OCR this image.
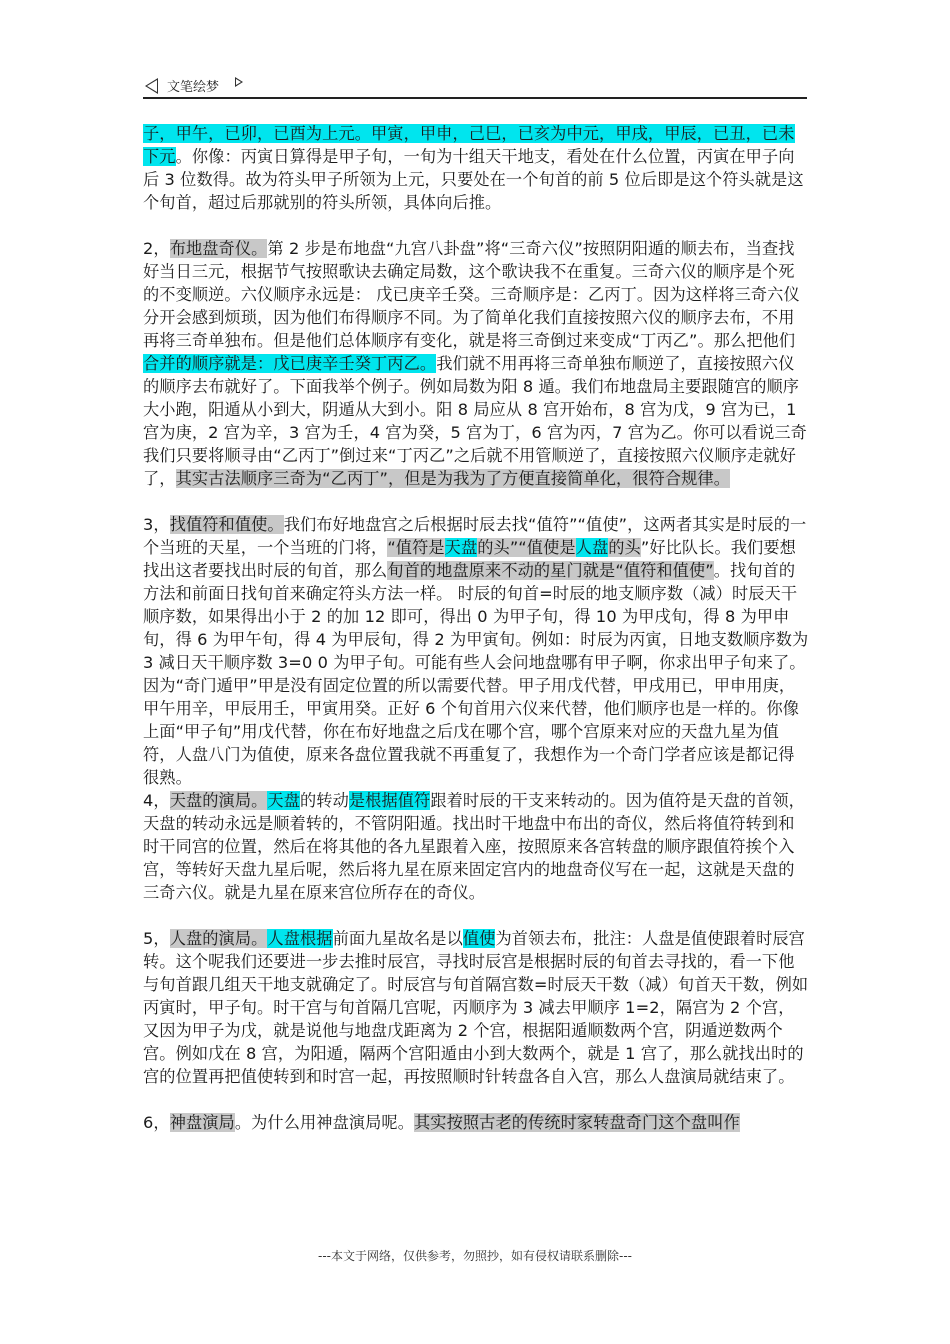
文笔绘梦

子，甲午，已卯，已酉为上元。甲寅，甲申，己巳，已亥为中元，甲戌，甲辰，已丑，已未下元。你像：丙寅日算得是甲子旬，一旬为十组天干地支，看处在什么位置，丙寅在甲子向后 3 位数得。故为符头甲子所领为上元，只要处在一个旬首的前 5 位后即是这个符头就是这个旬首，超过后那就别的符头所领，具体向后推。

2，布地盘奇仪。第 2 步是布地盘“九宫八卦盘”将“三奇六仪”按照阴阳遁的顺去布，当查找好当日三元，根据节气按照歌诀去确定局数，这个歌诀我不在重复。三奇六仪的顺序是个死的不变顺逆。六仪顺序永远是： 戊已庚辛壬癸。三奇顺序是：乙丙丁。因为这样将三奇六仪分开会感到烦琐，因为他们布得顺序不同。为了简单化我们直接按照六仪的顺序去布，不用再将三奇单独布。但是他们总体顺序有变化，就是将三奇倒过来变成“丁丙乙”。那么把他们合并的顺序就是：戊已庚辛壬癸丁丙乙。我们就不用再将三奇单独布顺逆了，直接按照六仪的顺序去布就好了。下面我举个例子。例如局数为阳 8 遁。我们布地盘局主要跟随宫的顺序大小跑，阳遁从小到大，阴遁从大到小。阳 8 局应从 8 宫开始布，8 宫为戊，9 宫为已，1 宫为庚，2 宫为辛，3 宫为壬，4 宫为癸，5 宫为丁，6 宫为丙，7 宫为乙。你可以看说三奇我们只要将顺寻由“乙丙丁”倒过来“丁丙乙”之后就不用管顺逆了，直接按照六仪顺序走就好了，其实古法顺序三奇为“乙丙丁”，但是为我为了方便直接简单化，很符合规律。

3，找值符和值使。我们布好地盘宫之后根据时辰去找“值符”“值使”，这两者其实是时辰的一个当班的天星，一个当班的门将，“值符是天盘的头”“值使是人盘的头”好比队长。我们要想找出这者要找出时辰的旬首，那么旬首的地盘原来不动的星门就是“值符和值使”。找旬首的方法和前面日找旬首来确定符头方法一样。 时辰的旬首=时辰的地支顺序数（减）时辰天干顺序数，如果得出小于 2 的加 12 即可，得出 0 为甲子旬，得 10 为甲戌旬，得 8 为甲申旬，得 6 为甲午旬，得 4 为甲辰旬，得 2 为甲寅旬。例如：时辰为丙寅，日地支数顺序数为 3 减日天干顺序数 3=0 0 为甲子旬。可能有些人会问地盘哪有甲子啊，你求出甲子旬来了。因为“奇门遁甲”甲是没有固定位置的所以需要代替。甲子用戊代替，甲戌用已，甲申用庚，甲午用辛，甲辰用壬，甲寅用癸。正好 6 个旬首用六仪来代替，他们顺序也是一样的。你像上面“甲子旬”用戊代替，你在布好地盘之后戊在哪个宫，哪个宫原来对应的天盘九星为值符，人盘八门为值使，原来各盘位置我就不再重复了，我想作为一个奇门学者应该是都记得很熟。

4，天盘的演局。天盘的转动是根据值符跟着时辰的干支来转动的。因为值符是天盘的首领，天盘的转动永远是顺着转的，不管阴阳遁。找出时干地盘中布出的奇仪，然后将值符转到和时干同宫的位置，然后在将其他的各九星跟着入座，按照原来各宫转盘的顺序跟值符挨个入宫，等转好天盘九星后呢，然后将九星在原来固定宫内的地盘奇仪写在一起，这就是天盘的三奇六仪。就是九星在原来宫位所存在的奇仪。

5，人盘的演局。人盘根据前面九星故名是以值使为首领去布，批注：人盘是值使跟着时辰宫转。这个呢我们还要进一步去推时辰宫，寻找时辰宫是根据时辰的旬首去寻找的，看一下他与旬首跟几组天干地支就确定了。时辰宫与旬首隔宫数=时辰天干数（减）旬首天干数，例如丙寅时，甲子旬。时干宫与旬首隔几宫呢，丙顺序为 3 减去甲顺序 1=2，隔宫为 2 个宫，又因为甲子为戊，就是说他与地盘戊距离为 2 个宫，根据阳遁顺数两个宫，阴遁逆数两个宫。例如戊在 8 宫，为阳遁，隔两个宫阳遁由小到大数两个，就是 1 宫了，那么就找出时的宫的位置再把值使转到和时宫一起，再按照顺时针转盘各自入宫，那么人盘演局就结束了。

6，神盘演局。为什么用神盘演局呢。其实按照古老的传统时家转盘奇门这个盘叫作

---本文于网络，仅供参考，勿照抄，如有侵权请联系删除---
